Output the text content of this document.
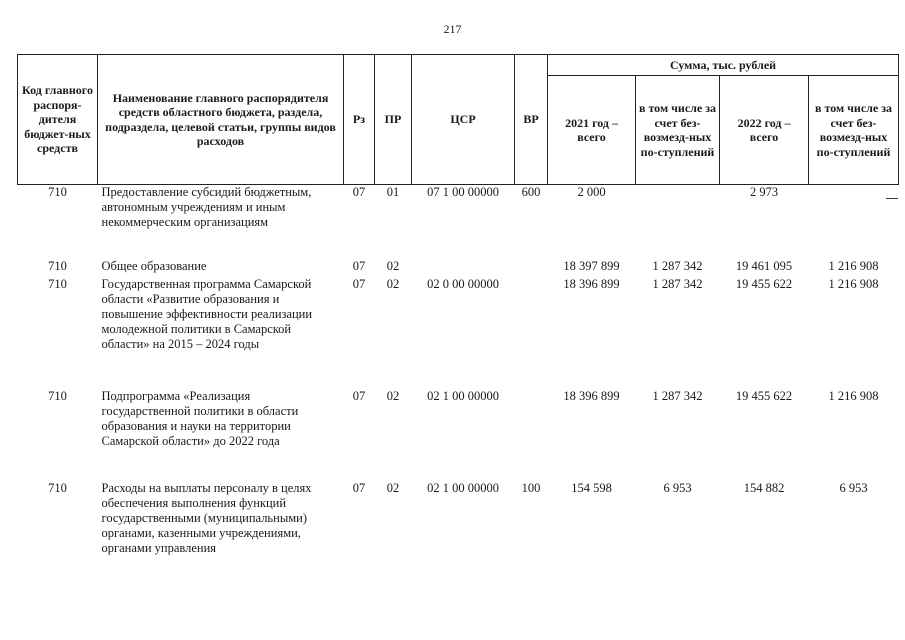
217
Код главного распоря-дителя бюджет-ных средств	Наименование главного распорядителя средств областного бюджета, раздела, подраздела, целевой статьи, группы видов расходов	Рз	ПР	ЦСР	ВР	Сумма, тыс. рублей			
						2021 год – всего	в том числе за счет без-возмезд-ных по-ступлений	2022 год – всего	в том числе за счет без-возмезд-ных по-ступлений
710	Предоставление субсидий бюджетным, автономным учреждениям и иным некоммерческим организациям	07	01	07 1 00 00000	600	2 000		2 973	
710	Общее образование	07	02			18 397 899	1 287 342	19 461 095	1 216 908
710	Государственная программа Самарской области «Развитие образования и повышение эффективности реализации молодежной политики в Самарской области» на 2015 – 2024 годы	07	02	02 0 00 00000		18 396 899	1 287 342	19 455 622	1 216 908
710	Подпрограмма «Реализация государственной политики в области образования и науки на территории Самарской области» до 2022 года	07	02	02 1 00 00000		18 396 899	1 287 342	19 455 622	1 216 908
710	Расходы на выплаты персоналу в целях обеспечения выполнения функций государственными (муниципальными) органами, казенными учреждениями, органами управления	07	02	02 1 00 00000	100	154 598	6 953	154 882	6 953
